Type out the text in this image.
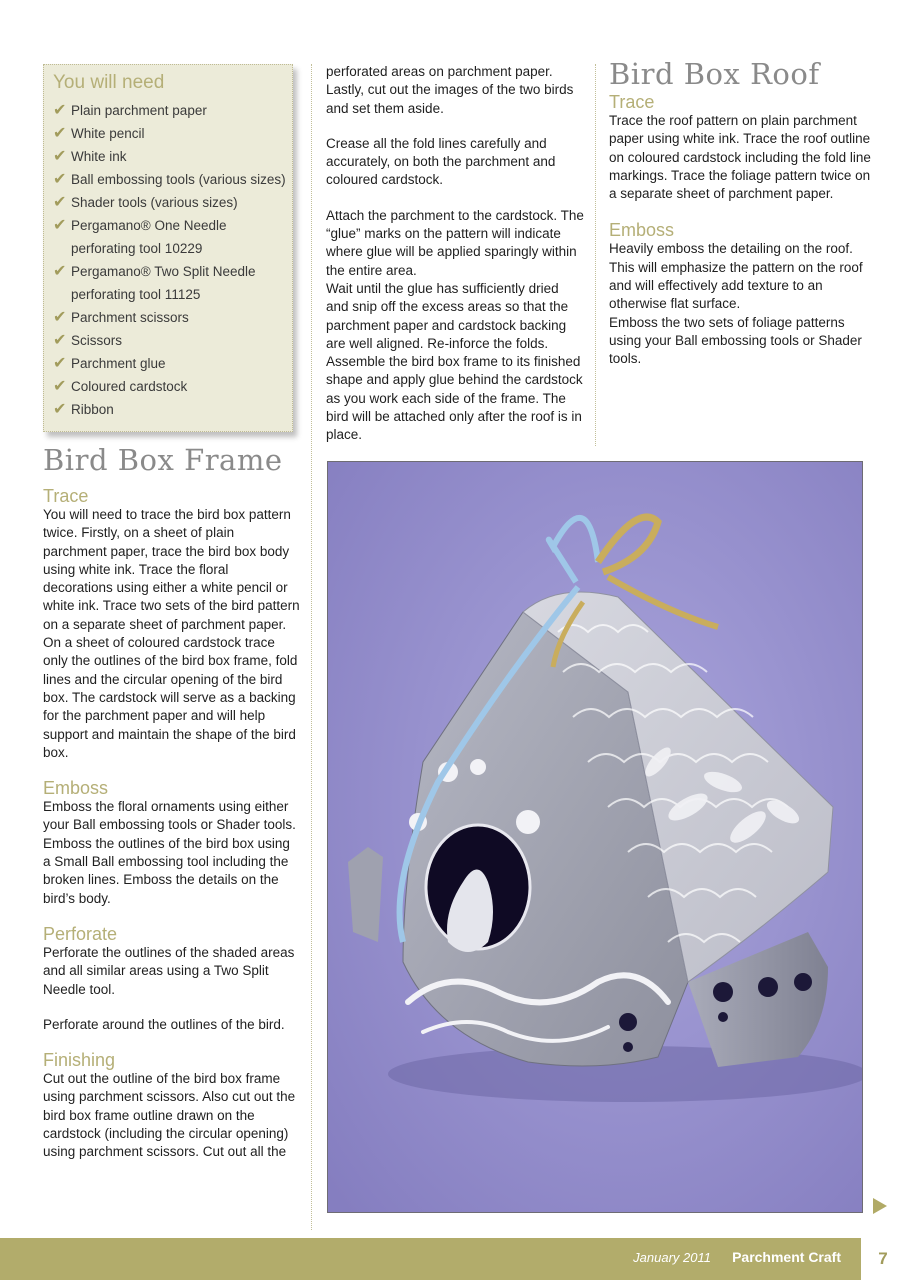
You will need
✔ Plain parchment paper
✔ White pencil
✔ White ink
✔ Ball embossing tools (various sizes)
✔ Shader tools (various sizes)
✔ Pergamano® One Needle
perforating tool 10229
✔ Pergamano® Two Split Needle
perforating tool 11125
✔ Parchment scissors
✔ Scissors
✔ Parchment glue
✔ Coloured cardstock
✔ Ribbon
Bird Box Frame
Trace

You will need to trace the bird box pattern twice. Firstly, on a sheet of plain parchment paper, trace the bird box body using white ink. Trace the floral decorations using either a white pencil or white ink. Trace two sets of the bird pattern on a separate sheet of parchment paper. On a sheet of coloured cardstock trace only the outlines of the bird box frame, fold lines and the circular opening of the bird box. The cardstock will serve as a backing for the parchment paper and will help support and maintain the shape of the bird box.

Emboss

Emboss the floral ornaments using either your Ball embossing tools or Shader tools. Emboss the outlines of the bird box using a Small Ball embossing tool including the broken lines. Emboss the details on the bird’s body.

Perforate

Perforate the outlines of the shaded areas and all similar areas using a Two Split Needle tool.

Perforate around the outlines of the bird.

Finishing

Cut out the outline of the bird box frame using parchment scissors. Also cut out the bird box frame outline drawn on the cardstock (including the circular opening) using parchment scissors. Cut out all the

perforated areas on parchment paper. Lastly, cut out the images of the two birds and set them aside.

Crease all the fold lines carefully and accurately, on both the parchment and coloured cardstock.

Attach the parchment to the cardstock. The “glue” marks on the pattern will indicate where glue will be applied sparingly within the entire area.

Wait until the glue has sufficiently dried and snip off the excess areas so that the parchment paper and cardstock backing are well aligned. Re-inforce the folds. Assemble the bird box frame to its finished shape and apply glue behind the cardstock as you work each side of the frame. The bird will be attached only after the roof is in place.

Bird Box Roof
Trace

Trace the roof pattern on plain parchment paper using white ink. Trace the roof outline on coloured cardstock including the fold line markings. Trace the foliage pattern twice on a separate sheet of parchment paper.

Emboss

Heavily emboss the detailing on the roof. This will emphasize the pattern on the roof and will effectively add texture to an otherwise flat surface.

Emboss the two sets of foliage patterns using your Ball embossing tools or Shader tools.

January 2011 Parchment Craft	7
